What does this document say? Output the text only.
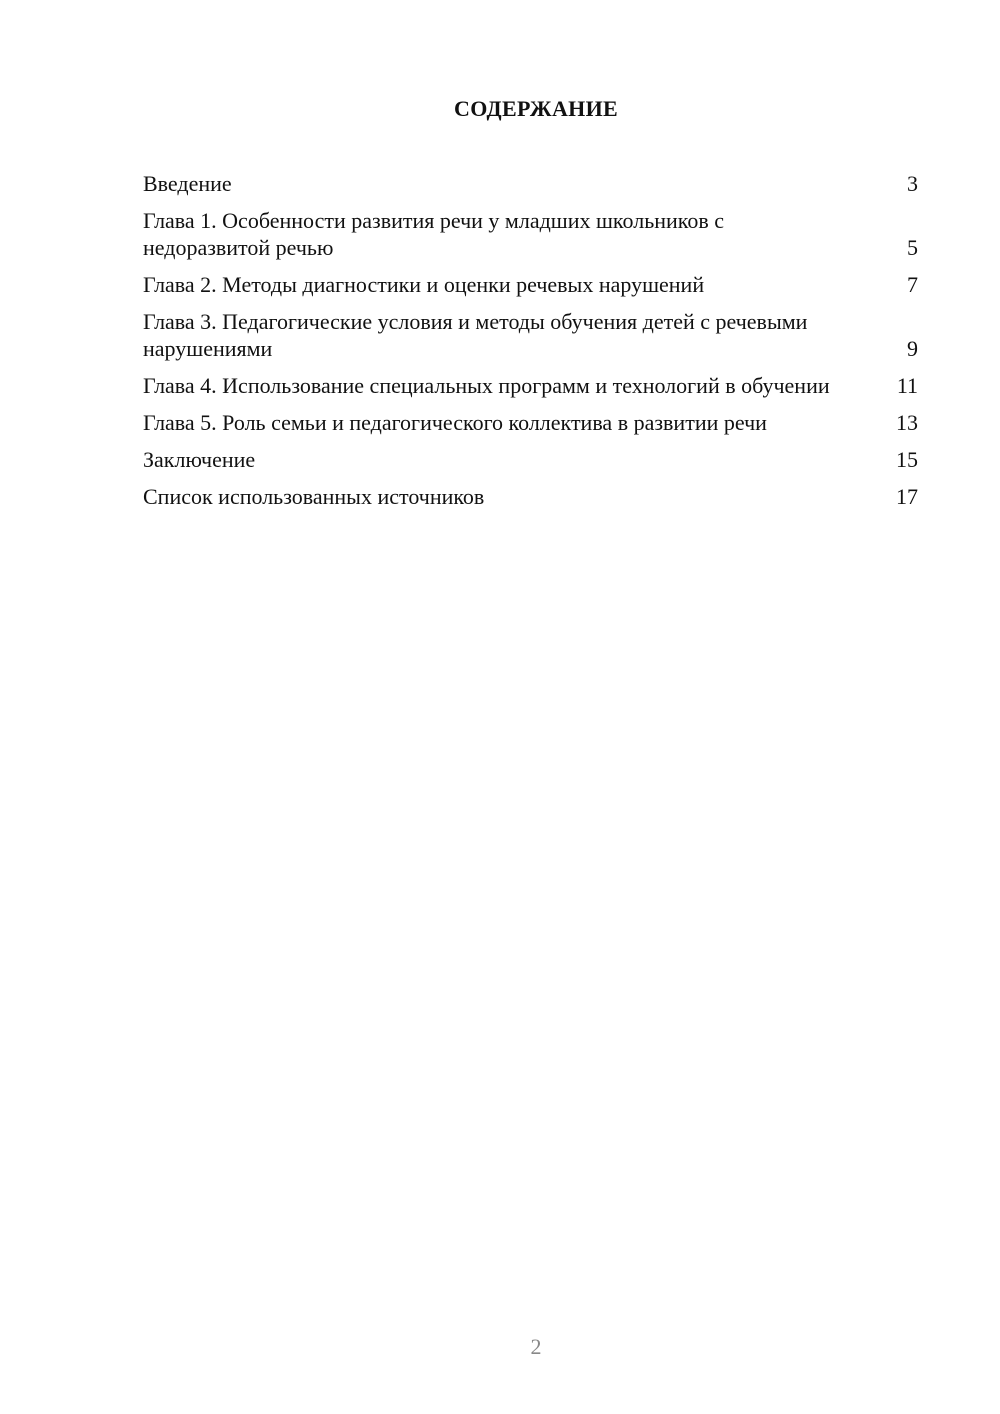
СОДЕРЖАНИЕ
Введение	3
Глава 1. Особенности развития речи у младших школьников с недоразвитой речью	5
Глава 2. Методы диагностики и оценки речевых нарушений	7
Глава 3. Педагогические условия и методы обучения детей с речевыми нарушениями	9
Глава 4. Использование специальных программ и технологий в обучении	11
Глава 5. Роль семьи и педагогического коллектива в развитии речи	13
Заключение	15
Список использованных источников	17
2
